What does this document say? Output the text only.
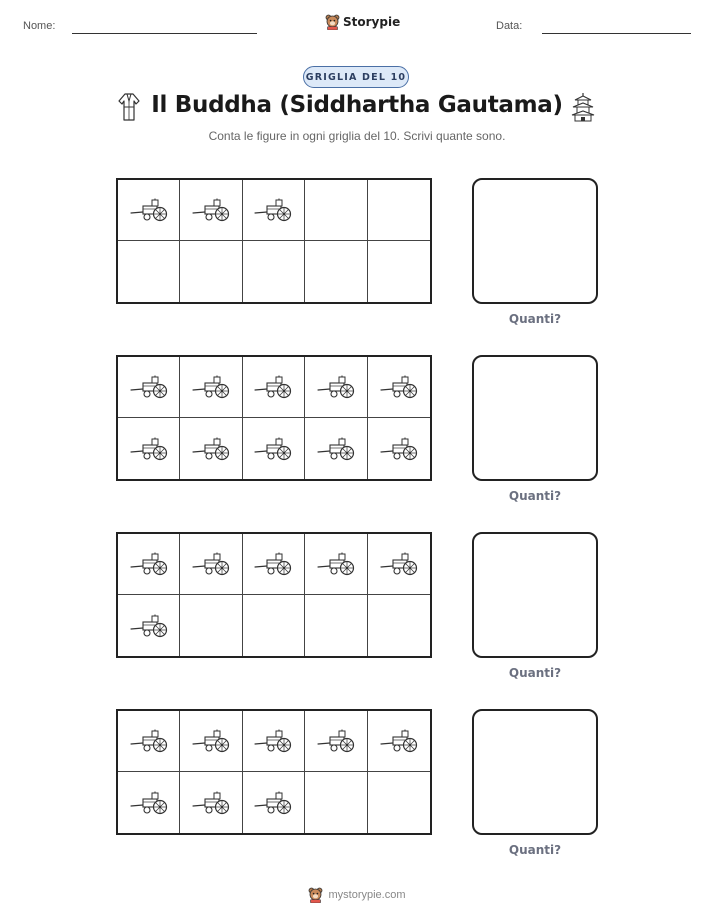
Nome:	Storypie	Data:
GRIGLIA DEL 10
Il Buddha (Siddhartha Gautama)
Conta le figure in ogni griglia del 10. Scrivi quante sono.
Quanti?
Quanti?
Quanti?
Quanti?
mystorypie.com
